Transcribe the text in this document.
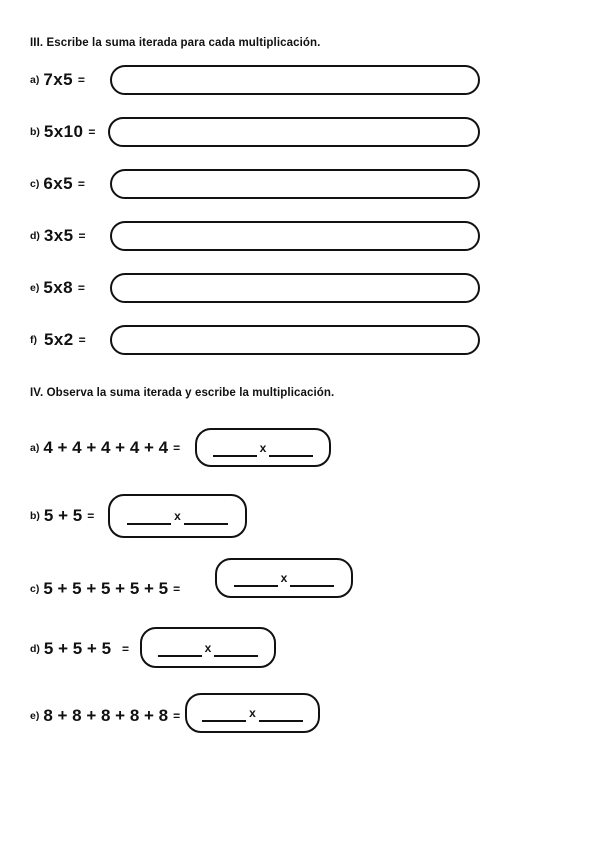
III. Escribe la suma iterada para cada multiplicación.
a) 7 x 5 =
b) 5 x 10 =
c) 6 x 5 =
d) 3 x 5 =
e) 5 x 8 =
f) 5 x 2 =
IV. Observa la suma iterada y escribe la multiplicación.
a) 4 + 4 + 4 + 4 + 4 =	x
b) 5 + 5 =	x
c) 5 + 5 + 5 + 5 + 5 =
x
d) 5 + 5 + 5 =	x
e) 8 + 8 + 8 + 8 + 8 =	x
